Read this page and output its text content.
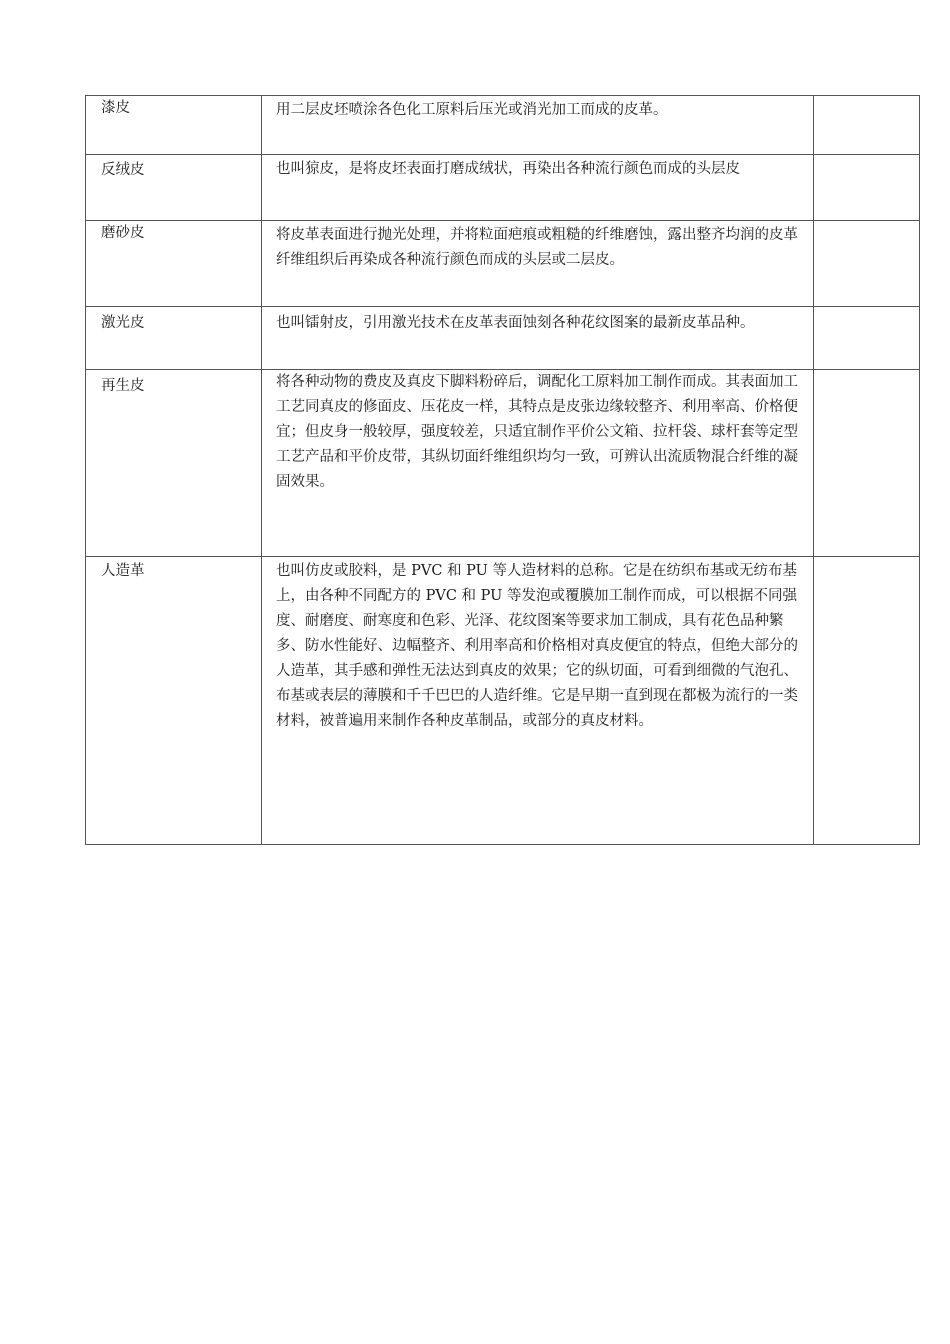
漆皮	用二层皮坯喷涂各色化工原料后压光或消光加工而成的皮革。	

反绒皮	也叫猄皮，是将皮坯表面打磨成绒状，再染出各种流行颜色而成的头层皮	

磨砂皮	将皮革表面进行抛光处理，并将粒面疤痕或粗糙的纤维磨蚀，露出整齐均润的皮革纤维组织后再染成各种流行颜色而成的头层或二层皮。	

激光皮	也叫镭射皮，引用激光技术在皮革表面蚀刻各种花纹图案的最新皮革品种。	

再生皮	将各种动物的费皮及真皮下脚料粉碎后，调配化工原料加工制作而成。其表面加工工艺同真皮的修面皮、压花皮一样，其特点是皮张边缘较整齐、利用率高、价格便宜；但皮身一般较厚，强度较差，只适宜制作平价公文箱、拉杆袋、球杆套等定型工艺产品和平价皮带，其纵切面纤维组织均匀一致，可辨认出流质物混合纤维的凝固效果。	

人造革	也叫仿皮或胶料，是 PVC 和 PU 等人造材料的总称。它是在纺织布基或无纺布基上，由各种不同配方的 PVC 和 PU 等发泡或覆膜加工制作而成，可以根据不同强度、耐磨度、耐寒度和色彩、光泽、花纹图案等要求加工制成，具有花色品种繁多、防水性能好、边幅整齐、利用率高和价格相对真皮便宜的特点，但绝大部分的人造革，其手感和弹性无法达到真皮的效果；它的纵切面，可看到细微的气泡孔、布基或表层的薄膜和千千巴巴的人造纤维。它是早期一直到现在都极为流行的一类材料，被普遍用来制作各种皮革制品，或部分的真皮材料。	
